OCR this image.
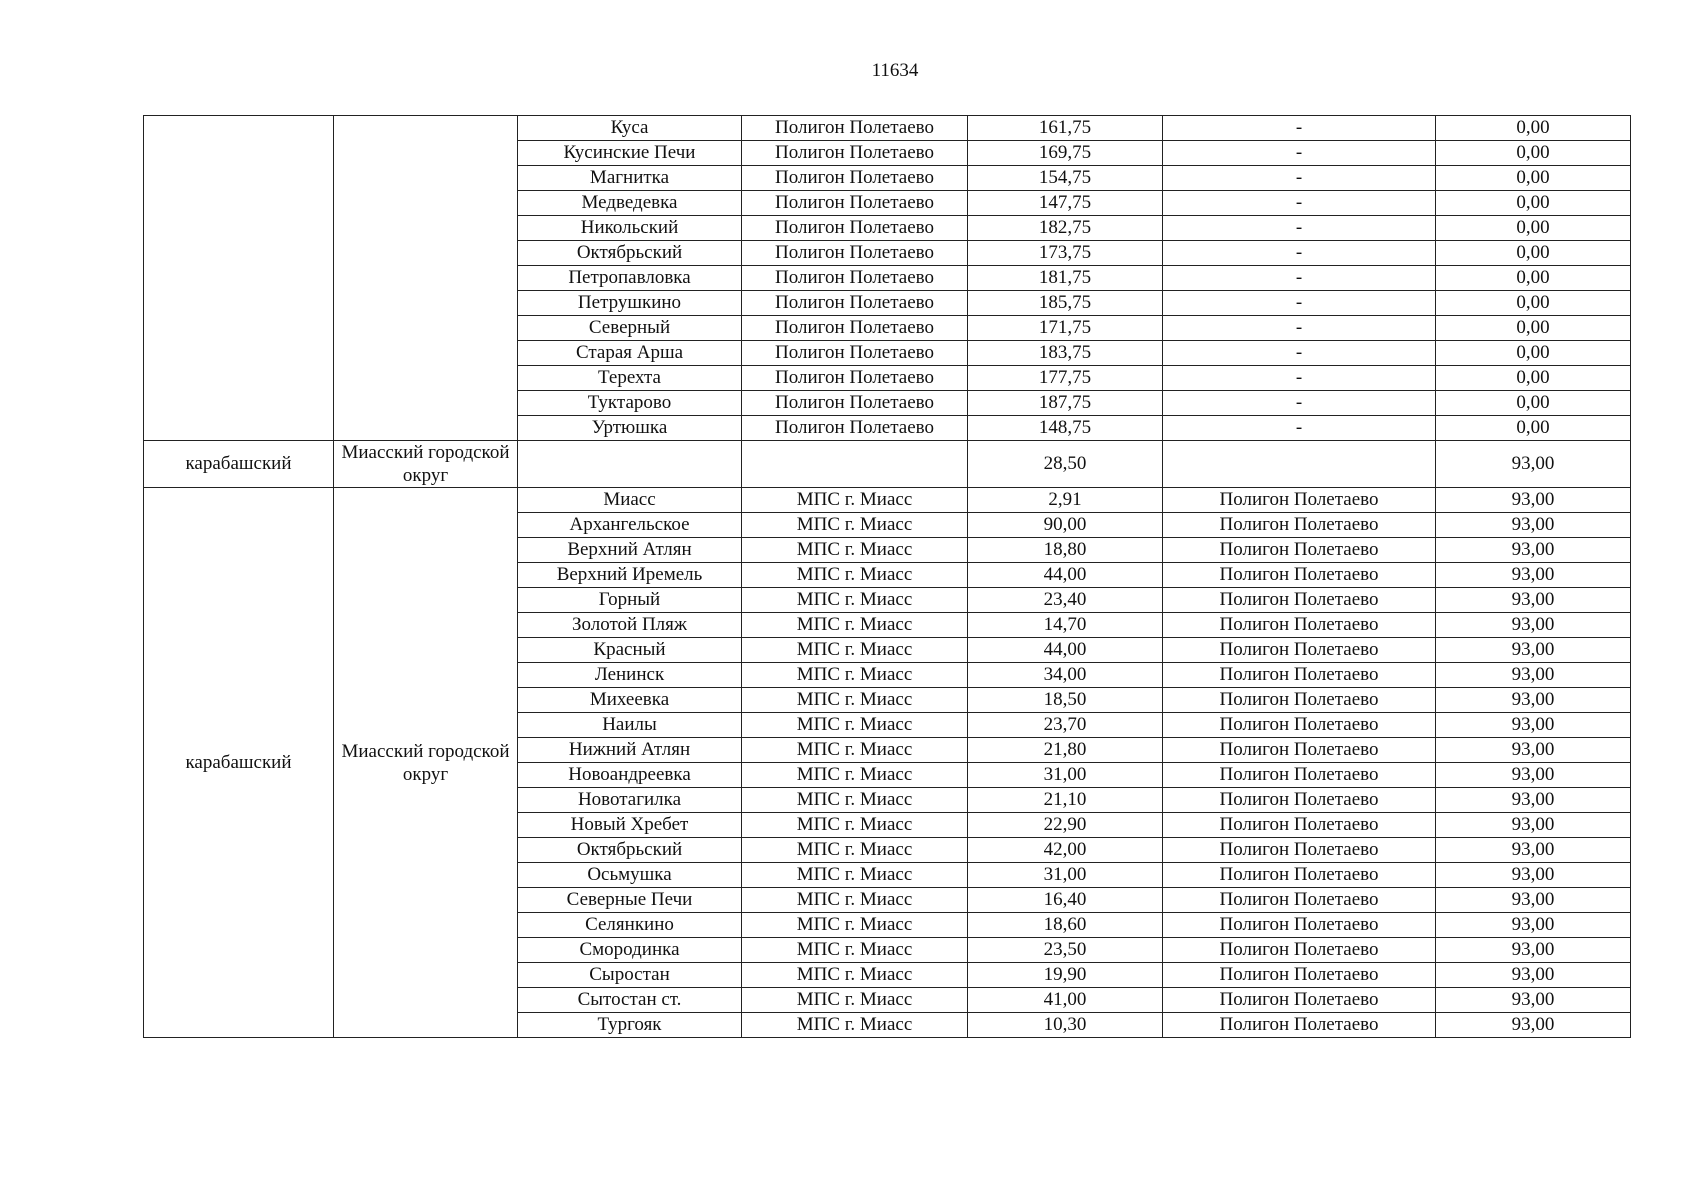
11634
		Куса	Полигон Полетаево	161,75	-	0,00
		Кусинские Печи	Полигон Полетаево	169,75	-	0,00
		Магнитка	Полигон Полетаево	154,75	-	0,00
		Медведевка	Полигон Полетаево	147,75	-	0,00
		Никольский	Полигон Полетаево	182,75	-	0,00
		Октябрьский	Полигон Полетаево	173,75	-	0,00
		Петропавловка	Полигон Полетаево	181,75	-	0,00
		Петрушкино	Полигон Полетаево	185,75	-	0,00
		Северный	Полигон Полетаево	171,75	-	0,00
		Старая Арша	Полигон Полетаево	183,75	-	0,00
		Терехта	Полигон Полетаево	177,75	-	0,00
		Туктарово	Полигон Полетаево	187,75	-	0,00
		Уртюшка	Полигон Полетаево	148,75	-	0,00
карабашский	Миасский городской округ			28,50		93,00
карабашский	Миасский городской округ	Миасс	МПС г. Миасс	2,91	Полигон Полетаево	93,00
		Архангельское	МПС г. Миасс	90,00	Полигон Полетаево	93,00
		Верхний Атлян	МПС г. Миасс	18,80	Полигон Полетаево	93,00
		Верхний Иремель	МПС г. Миасс	44,00	Полигон Полетаево	93,00
		Горный	МПС г. Миасс	23,40	Полигон Полетаево	93,00
		Золотой Пляж	МПС г. Миасс	14,70	Полигон Полетаево	93,00
		Красный	МПС г. Миасс	44,00	Полигон Полетаево	93,00
		Ленинск	МПС г. Миасс	34,00	Полигон Полетаево	93,00
		Михеевка	МПС г. Миасс	18,50	Полигон Полетаево	93,00
		Наилы	МПС г. Миасс	23,70	Полигон Полетаево	93,00
		Нижний Атлян	МПС г. Миасс	21,80	Полигон Полетаево	93,00
		Новоандреевка	МПС г. Миасс	31,00	Полигон Полетаево	93,00
		Новотагилка	МПС г. Миасс	21,10	Полигон Полетаево	93,00
		Новый Хребет	МПС г. Миасс	22,90	Полигон Полетаево	93,00
		Октябрьский	МПС г. Миасс	42,00	Полигон Полетаево	93,00
		Осьмушка	МПС г. Миасс	31,00	Полигон Полетаево	93,00
		Северные Печи	МПС г. Миасс	16,40	Полигон Полетаево	93,00
		Селянкино	МПС г. Миасс	18,60	Полигон Полетаево	93,00
		Смородинка	МПС г. Миасс	23,50	Полигон Полетаево	93,00
		Сыростан	МПС г. Миасс	19,90	Полигон Полетаево	93,00
		Сытостан ст.	МПС г. Миасс	41,00	Полигон Полетаево	93,00
		Тургояк	МПС г. Миасс	10,30	Полигон Полетаево	93,00
